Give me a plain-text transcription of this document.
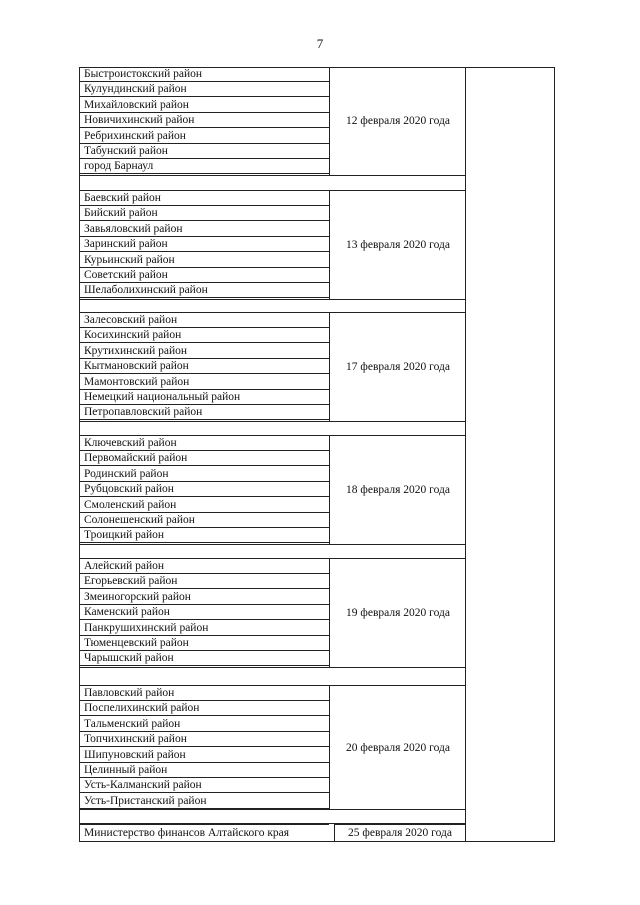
7
Быстроистокский район
Кулундинский район
Михайловский район
Новичихинский район
Ребрихинский район
Табунский район
город Барнаул
12 февраля 2020 года
Баевский район
Бийский район
Завьяловский район
Заринский район
Курьинский район
Советский район
Шелаболихинский район
13 февраля 2020 года
Залесовский район
Косихинский район
Крутихинский район
Кытмановский район
Мамонтовский район
Немецкий национальный район
Петропавловский район
17 февраля 2020 года
Ключевский район
Первомайский район
Родинский район
Рубцовский район
Смоленский район
Солонешенский район
Троицкий район
18 февраля 2020 года
Алейский район
Егорьевский район
Змеиногорский район
Каменский район
Панкрушихинский район
Тюменцевский район
Чарышский район
19 февраля 2020 года
Павловский район
Поспелихинский район
Тальменский район
Топчихинский район
Шипуновский район
Целинный район
Усть-Калманский район
Усть-Пристанский район
20 февраля 2020 года
Министерство финансов Алтайского края	25 февраля 2020 года
